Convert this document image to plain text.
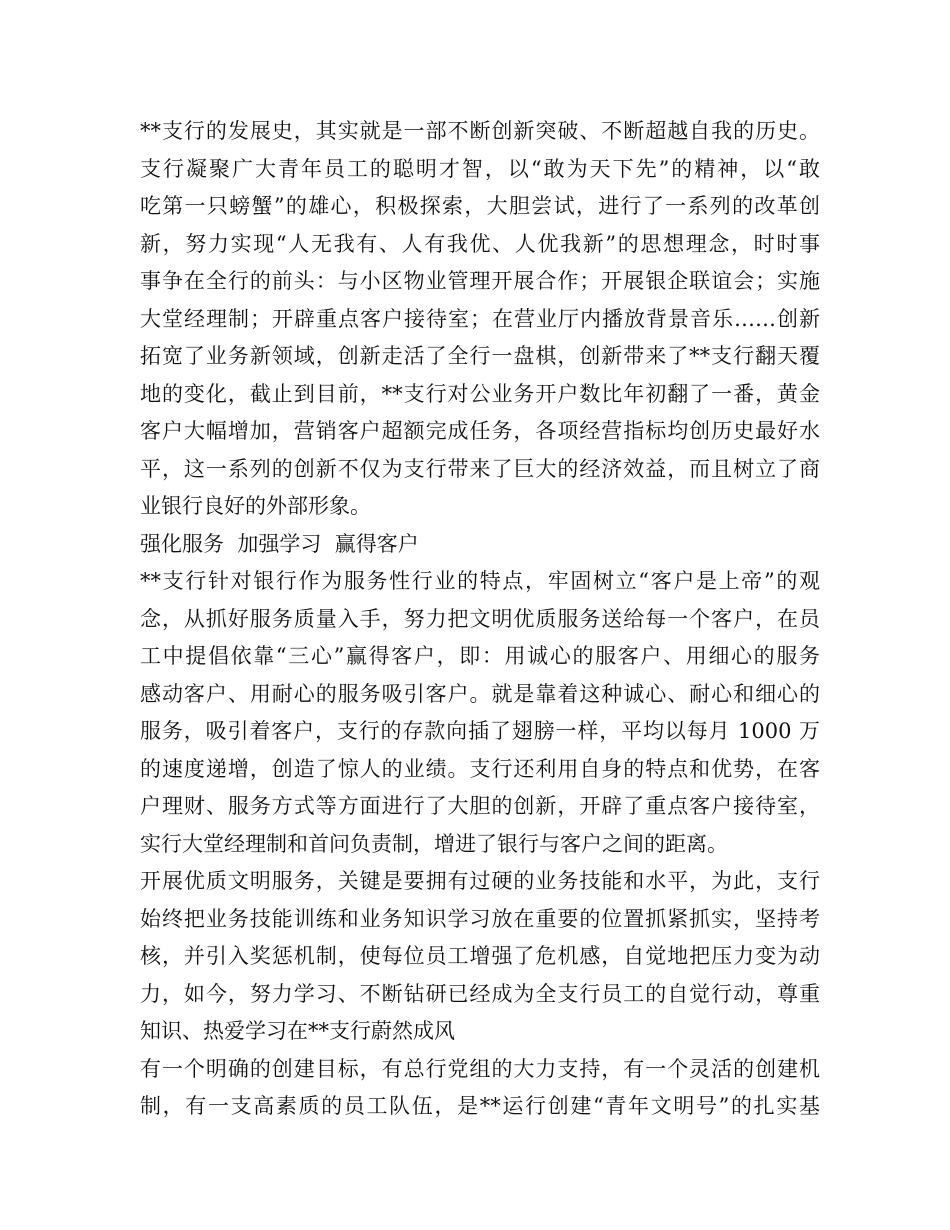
**支行的发展史，其实就是一部不断创新突破、不断超越自我的历史。
支行凝聚广大青年员工的聪明才智，以“敢为天下先”的精神，以“敢
吃第一只螃蟹”的雄心，积极探索，大胆尝试，进行了一系列的改革创
新，努力实现“人无我有、人有我优、人优我新”的思想理念，时时事
事争在全行的前头：与小区物业管理开展合作；开展银企联谊会；实施
大堂经理制；开辟重点客户接待室；在营业厅内播放背景音乐……创新
拓宽了业务新领域，创新走活了全行一盘棋，创新带来了**支行翻天覆
地的变化，截止到目前，**支行对公业务开户数比年初翻了一番，黄金
客户大幅增加，营销客户超额完成任务，各项经营指标均创历史最好水
平，这一系列的创新不仅为支行带来了巨大的经济效益，而且树立了商
业银行良好的外部形象。
强化服务  加强学习  赢得客户
**支行针对银行作为服务性行业的特点，牢固树立“客户是上帝”的观
念，从抓好服务质量入手，努力把文明优质服务送给每一个客户，在员
工中提倡依靠“三心”赢得客户，即：用诚心的服客户、用细心的服务
感动客户、用耐心的服务吸引客户。就是靠着这种诚心、耐心和细心的
服务，吸引着客户，支行的存款向插了翅膀一样，平均以每月 1000 万
的速度递增，创造了惊人的业绩。支行还利用自身的特点和优势，在客
户理财、服务方式等方面进行了大胆的创新，开辟了重点客户接待室，
实行大堂经理制和首问负责制，增进了银行与客户之间的距离。
开展优质文明服务，关键是要拥有过硬的业务技能和水平，为此，支行
始终把业务技能训练和业务知识学习放在重要的位置抓紧抓实，坚持考
核，并引入奖惩机制，使每位员工增强了危机感，自觉地把压力变为动
力，如今，努力学习、不断钻研已经成为全支行员工的自觉行动，尊重
知识、热爱学习在**支行蔚然成风
有一个明确的创建目标，有总行党组的大力支持，有一个灵活的创建机
制，有一支高素质的员工队伍，是**运行创建“青年文明号”的扎实基
